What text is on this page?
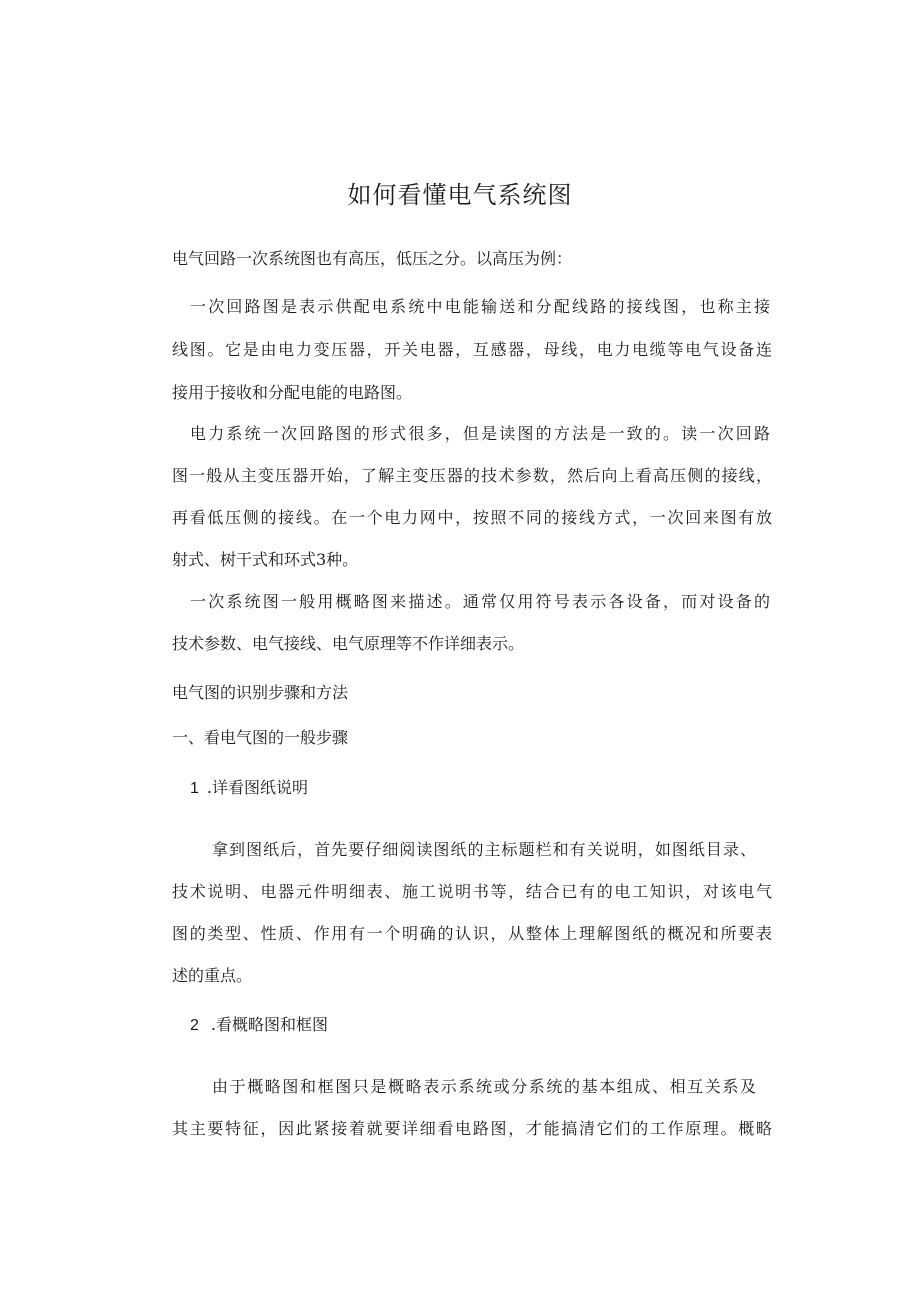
如何看懂电气系统图
电气回路一次系统图也有高压，低压之分。以高压为例：
一次回路图是表示供配电系统中电能输送和分配线路的接线图，也称主接
线图。它是由电力变压器，开关电器，互感器，母线，电力电缆等电气设备连
接用于接收和分配电能的电路图。
电力系统一次回路图的形式很多，但是读图的方法是一致的。读一次回路
图一般从主变压器开始，了解主变压器的技术参数，然后向上看高压侧的接线，
再看低压侧的接线。在一个电力网中，按照不同的接线方式，一次回来图有放
射式、树干式和环式3种。
一次系统图一般用概略图来描述。通常仅用符号表示各设备，而对设备的
技术参数、电气接线、电气原理等不作详细表示。
电气图的识别步骤和方法
一、看电气图的一般步骤
1 .详看图纸说明
拿到图纸后，首先要仔细阅读图纸的主标题栏和有关说明，如图纸目录、
技术说明、电器元件明细表、施工说明书等，结合已有的电工知识，对该电气
图的类型、性质、作用有一个明确的认识，从整体上理解图纸的概况和所要表
述的重点。
2 .看概略图和框图
由于概略图和框图只是概略表示系统或分系统的基本组成、相互关系及
其主要特征，因此紧接着就要详细看电路图，才能搞清它们的工作原理。概略
